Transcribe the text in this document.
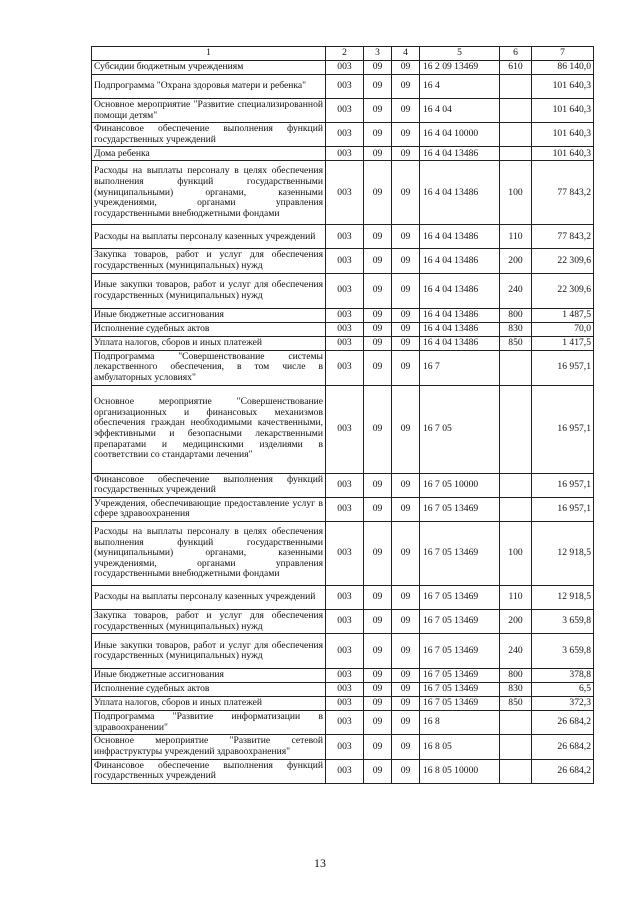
1	2	3	4	5	6	7
Субсидии бюджетным учреждениям	003	09	09	16 2 09 13469	610	86 140,0
Подпрограмма "Охрана здоровья матери и ребенка"	003	09	09	16 4		101 640,3
Основное мероприятие "Развитие специализированной помощи детям"	003	09	09	16 4 04		101 640,3
Финансовое обеспечение выполнения функций государственных учреждений	003	09	09	16 4 04 10000		101 640,3
Дома ребенка	003	09	09	16 4 04 13486		101 640,3
Расходы на выплаты персоналу в целях обеспечения выполнения функций государственными (муниципальными) органами, казенными учреждениями, органами управления государственными внебюджетными фондами	003	09	09	16 4 04 13486	100	77 843,2
Расходы на выплаты персоналу казенных учреждений	003	09	09	16 4 04 13486	110	77 843,2
Закупка товаров, работ и услуг для обеспечения государственных (муниципальных) нужд	003	09	09	16 4 04 13486	200	22 309,6
Иные закупки товаров, работ и услуг для обеспечения государственных (муниципальных) нужд	003	09	09	16 4 04 13486	240	22 309,6
Иные бюджетные ассигнования	003	09	09	16 4 04 13486	800	1 487,5
Исполнение судебных актов	003	09	09	16 4 04 13486	830	70,0
Уплата налогов, сборов и иных платежей	003	09	09	16 4 04 13486	850	1 417,5
Подпрограмма "Совершенствование системы лекарственного обеспечения, в том числе в амбулаторных условиях"	003	09	09	16 7		16 957,1
Основное мероприятие "Совершенствование организационных и финансовых механизмов обеспечения граждан необходимыми качественными, эффективными и безопасными лекарственными препаратами и медицинскими изделиями в соответствии со стандартами лечения"	003	09	09	16 7 05		16 957,1
Финансовое обеспечение выполнения функций государственных учреждений	003	09	09	16 7 05 10000		16 957,1
Учреждения, обеспечивающие предоставление услуг в сфере здравоохранения	003	09	09	16 7 05 13469		16 957,1
Расходы на выплаты персоналу в целях обеспечения выполнения функций государственными (муниципальными) органами, казенными учреждениями, органами управления государственными внебюджетными фондами	003	09	09	16 7 05 13469	100	12 918,5
Расходы на выплаты персоналу казенных учреждений	003	09	09	16 7 05 13469	110	12 918,5
Закупка товаров, работ и услуг для обеспечения государственных (муниципальных) нужд	003	09	09	16 7 05 13469	200	3 659,8
Иные закупки товаров, работ и услуг для обеспечения государственных (муниципальных) нужд	003	09	09	16 7 05 13469	240	3 659,8
Иные бюджетные ассигнования	003	09	09	16 7 05 13469	800	378,8
Исполнение судебных актов	003	09	09	16 7 05 13469	830	6,5
Уплата налогов, сборов и иных платежей	003	09	09	16 7 05 13469	850	372,3
Подпрограмма "Развитие информатизации в здравоохранении"	003	09	09	16 8		26 684,2
Основное мероприятие "Развитие сетевой инфраструктуры учреждений здравоохранения"	003	09	09	16 8 05		26 684,2
Финансовое обеспечение выполнения функций государственных учреждений	003	09	09	16 8 05 10000		26 684,2
13
